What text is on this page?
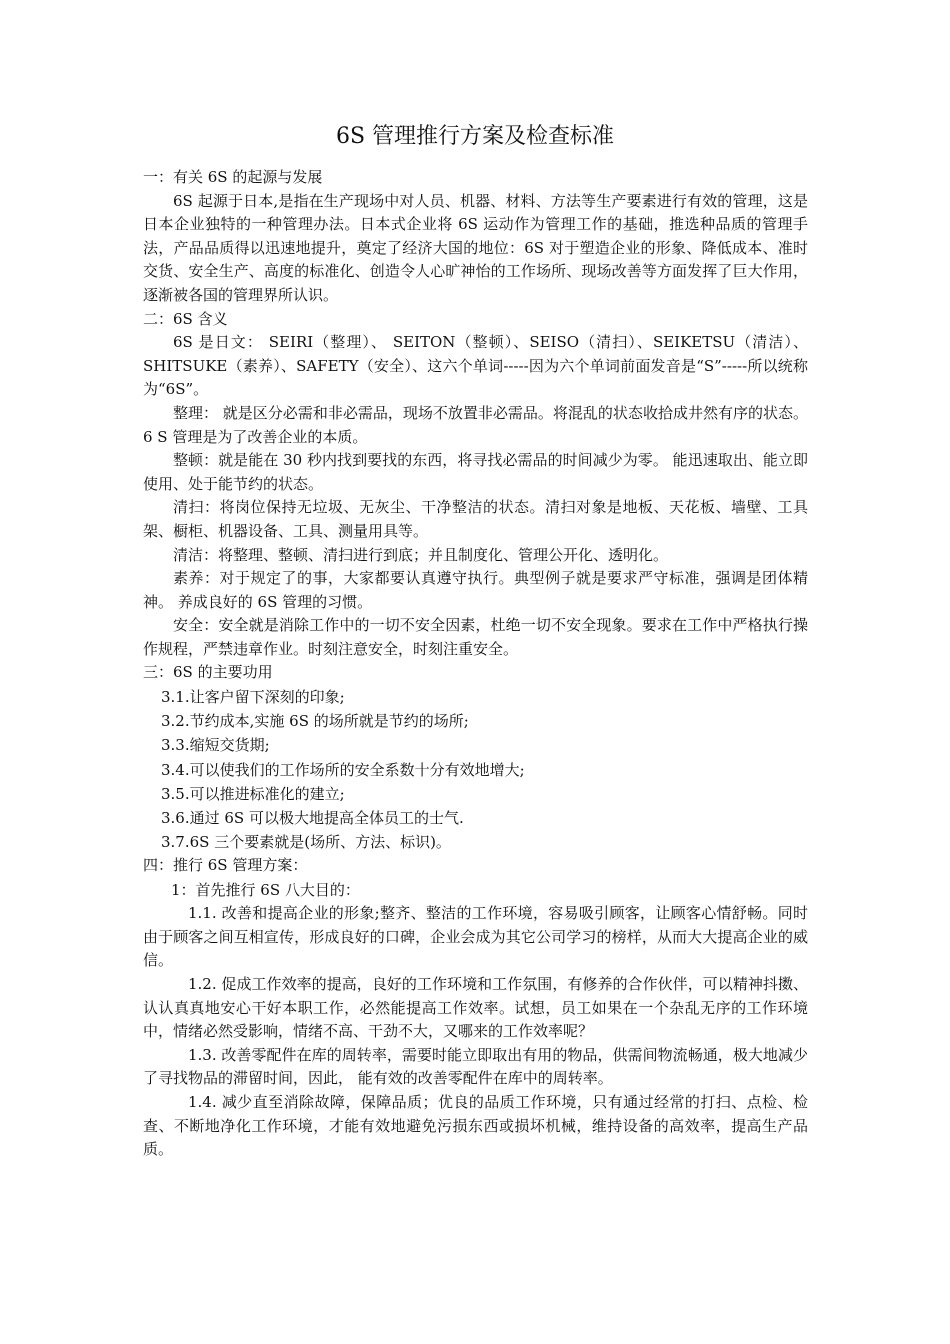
6S 管理推行方案及检查标准

一：有关 6S 的起源与发展

6S 起源于日本,是指在生产现场中对人员、机器、材料、方法等生产要素进行有效的管理，这是日本企业独特的一种管理办法。日本式企业将 6S 运动作为管理工作的基础，推选种品质的管理手法，产品品质得以迅速地提升，奠定了经济大国的地位：6S 对于塑造企业的形象、降低成本、准时交货、安全生产、高度的标准化、创造令人心旷神怡的工作场所、现场改善等方面发挥了巨大作用，逐渐被各国的管理界所认识。

二：6S 含义

6S 是日文： SEIRI（整理）、 SEITON（整顿）、SEISO（清扫）、SEIKETSU（清洁）、SHITSUKE（素养）、SAFETY（安全）、这六个单词-----因为六个单词前面发音是“S”-----所以统称为“6S”。

整理： 就是区分必需和非必需品，现场不放置非必需品。将混乱的状态收拾成井然有序的状态。6 S 管理是为了改善企业的本质。

整顿：就是能在 30 秒内找到要找的东西，将寻找必需品的时间减少为零。 能迅速取出、能立即使用、处于能节约的状态。

清扫：将岗位保持无垃圾、无灰尘、干净整洁的状态。清扫对象是地板、天花板、墙壁、工具架、橱柜、机器设备、工具、测量用具等。

清洁：将整理、整顿、清扫进行到底；并且制度化、管理公开化、透明化。

素养：对于规定了的事，大家都要认真遵守执行。典型例子就是要求严守标准，强调是团体精神。 养成良好的 6S 管理的习惯。

安全：安全就是消除工作中的一切不安全因素，杜绝一切不安全现象。要求在工作中严格执行操作规程，严禁违章作业。时刻注意安全，时刻注重安全。

三：6S 的主要功用

3.1.让客户留下深刻的印象;

3.2.节约成本,实施 6S 的场所就是节约的场所;

3.3.缩短交货期;

3.4.可以使我们的工作场所的安全系数十分有效地增大;

3.5.可以推进标准化的建立;

3.6.通过 6S 可以极大地提高全体员工的士气.

3.7.6S 三个要素就是(场所、方法、标识)。

四：推行 6S 管理方案：

1：首先推行 6S 八大目的：

1.1. 改善和提高企业的形象;整齐、整洁的工作环境，容易吸引顾客，让顾客心情舒畅。同时由于顾客之间互相宣传，形成良好的口碑，企业会成为其它公司学习的榜样，从而大大提高企业的威信。

1.2. 促成工作效率的提高，良好的工作环境和工作氛围，有修养的合作伙伴，可以精神抖擞、认认真真地安心干好本职工作，必然能提高工作效率。试想，员工如果在一个杂乱无序的工作环境中，情绪必然受影响，情绪不高、干劲不大，又哪来的工作效率呢？

1.3. 改善零配件在库的周转率，需要时能立即取出有用的物品，供需间物流畅通，极大地减少了寻找物品的滞留时间，因此， 能有效的改善零配件在库中的周转率。

1.4. 减少直至消除故障，保障品质；优良的品质工作环境，只有通过经常的打扫、点检、检查、不断地净化工作环境，才能有效地避免污损东西或损坏机械，维持设备的高效率，提高生产品质。
